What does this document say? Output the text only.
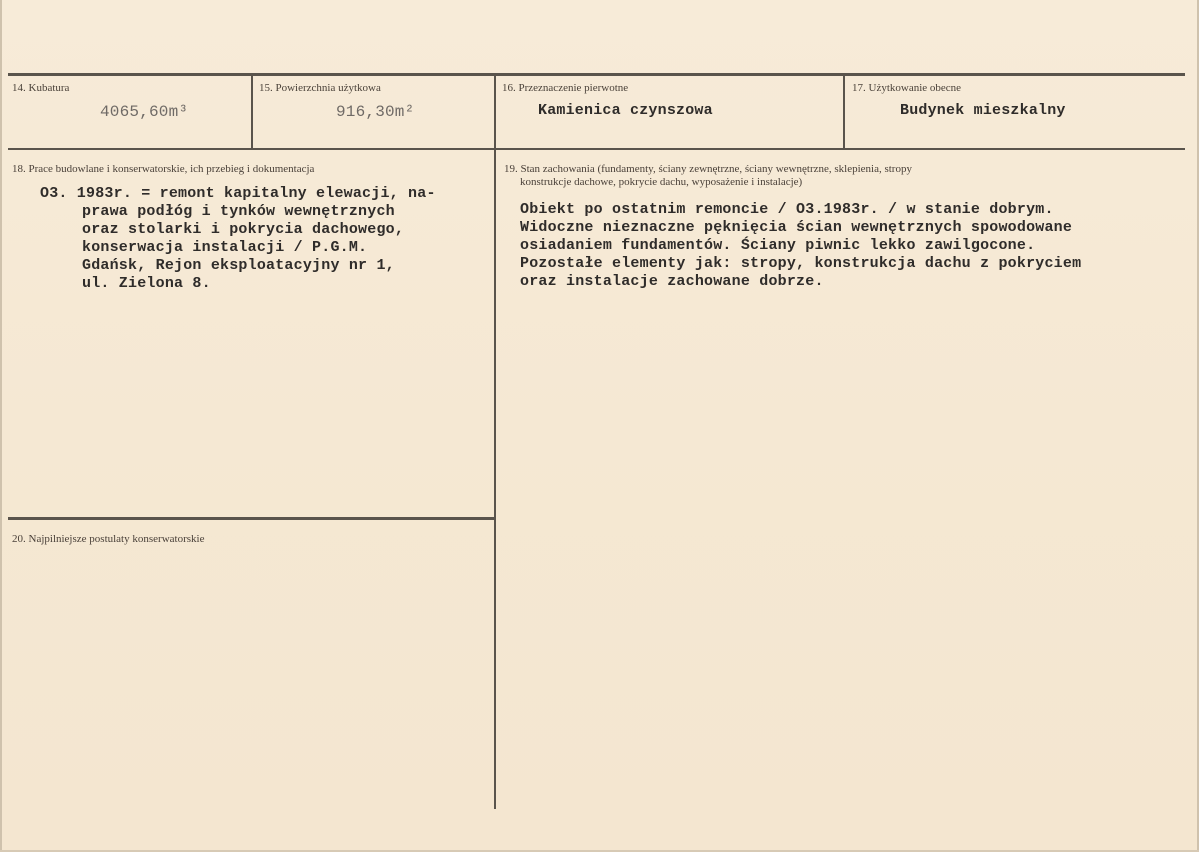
14. Kubatura
4065,60m³
15. Powierzchnia użytkowa
916,30m²
16. Przeznaczenie pierwotne
Kamienica czynszowa
17. Użytkowanie obecne
Budynek mieszkalny
18. Prace budowlane i konserwatorskie, ich przebieg i dokumentacja
O3. 1983r. = remont kapitalny elewacji, na-
prawa podłóg i tynków wewnętrznych
oraz stolarki i pokrycia dachowego,
konserwacja instalacji / P.G.M.
Gdańsk, Rejon eksploatacyjny nr 1,
ul. Zielona 8.
19. Stan zachowania (fundamenty, ściany zewnętrzne, ściany wewnętrzne, sklepienia, stropy
konstrukcje dachowe, pokrycie dachu, wyposażenie i instalacje)
Obiekt po ostatnim remoncie / O3.1983r. / w stanie dobrym.
Widoczne nieznaczne pęknięcia ścian wewnętrznych spowodowane
osiadaniem fundamentów. Ściany piwnic lekko zawilgocone.
Pozostałe elementy jak: stropy, konstrukcja dachu z pokryciem
oraz instalacje zachowane dobrze.
20. Najpilniejsze postulaty konserwatorskie
